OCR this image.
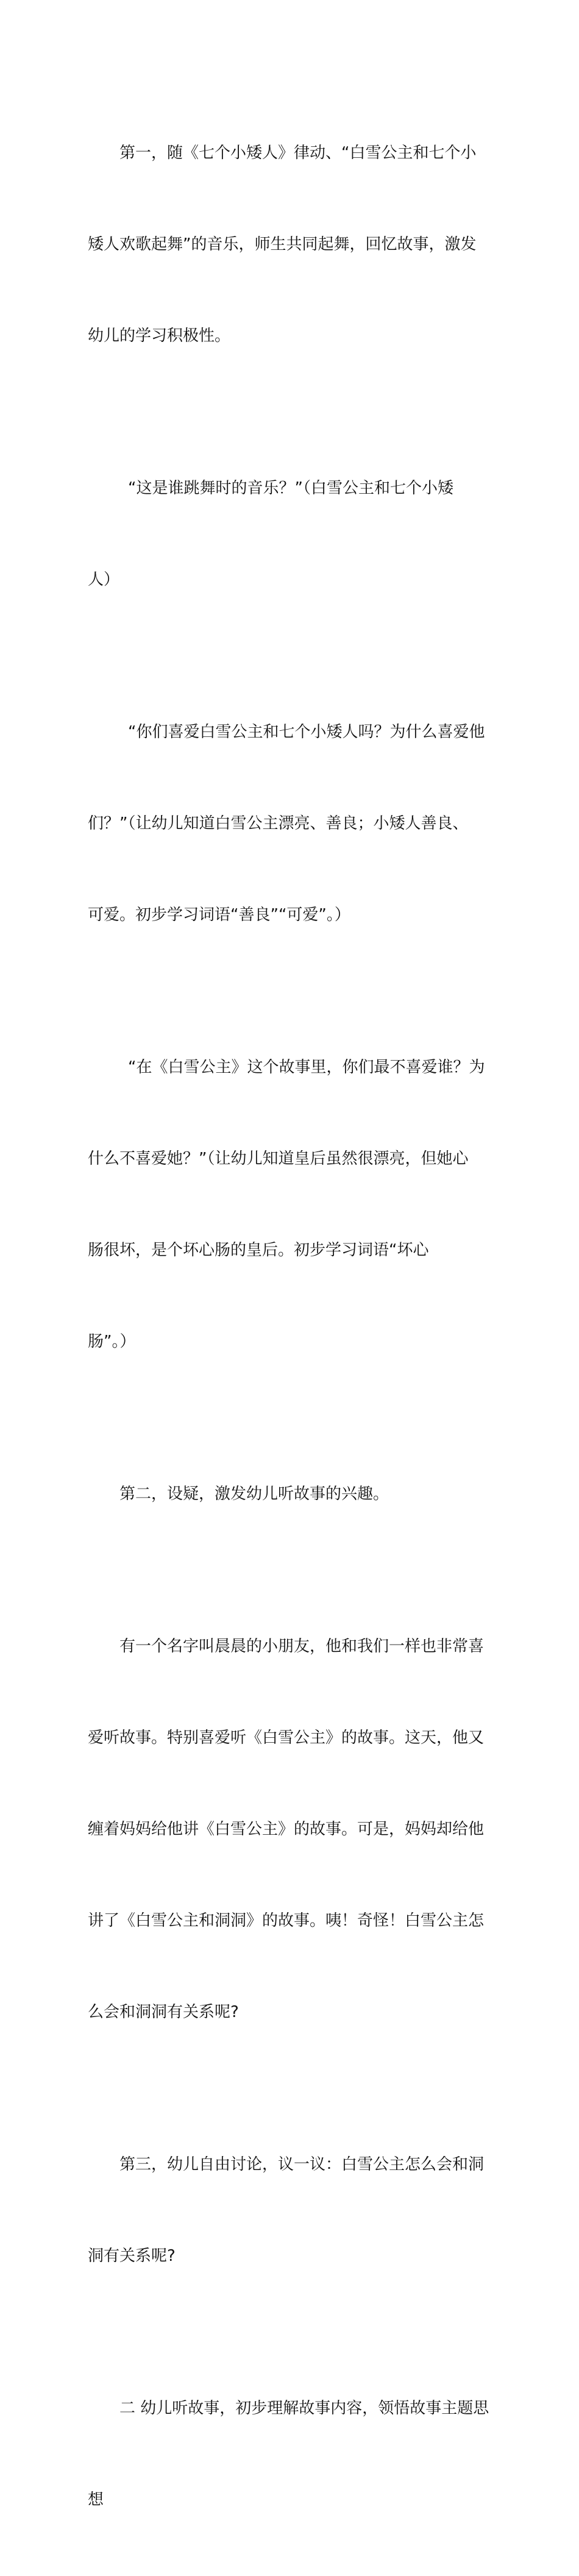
第一，随《七个小矮人》律动、“白雪公主和七个小

矮人欢歌起舞”的音乐，师生共同起舞，回忆故事，激发

幼儿的学习积极性。

“这是谁跳舞时的音乐？”（白雪公主和七个小矮

人）

“你们喜爱白雪公主和七个小矮人吗？为什么喜爱他

们？”（让幼儿知道白雪公主漂亮、善良；小矮人善良、

可爱。初步学习词语“善良”“可爱”。）

“在《白雪公主》这个故事里，你们最不喜爱谁？为

什么不喜爱她？”（让幼儿知道皇后虽然很漂亮，但她心

肠很坏，是个坏心肠的皇后。初步学习词语“坏心

肠”。）

第二，设疑，激发幼儿听故事的兴趣。

有一个名字叫晨晨的小朋友，他和我们一样也非常喜

爱听故事。特别喜爱听《白雪公主》的故事。这天，他又

缠着妈妈给他讲《白雪公主》的故事。可是，妈妈却给他

讲了《白雪公主和洞洞》的故事。咦！奇怪！白雪公主怎

么会和洞洞有关系呢?

第三，幼儿自由讨论，议一议：白雪公主怎么会和洞

洞有关系呢?

二 幼儿听故事，初步理解故事内容，领悟故事主题思

想
